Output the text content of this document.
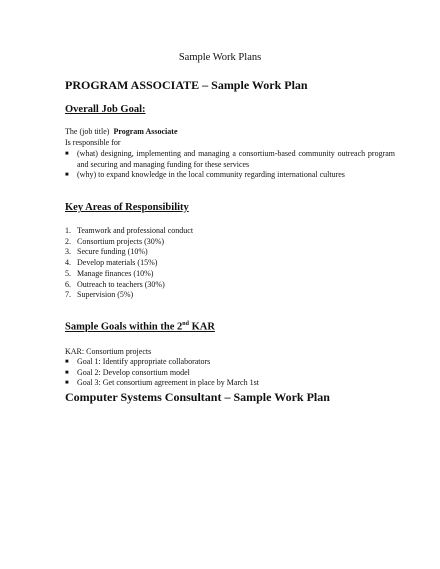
Sample Work Plans
PROGRAM ASSOCIATE – Sample Work Plan
Overall Job Goal:
The (job title) Program Associate
Is responsible for
■ (what) designing, implementing and managing a consortium-based community outreach program and securing and managing funding for these services
■ (why) to expand knowledge in the local community regarding international cultures
Key Areas of Responsibility
1. Teamwork and professional conduct
2. Consortium projects (30%)
3. Secure funding (10%)
4. Develop materials (15%)
5. Manage finances (10%)
6. Outreach to teachers (30%)
7. Supervision (5%)
Sample Goals within the 2nd KAR
KAR: Consortium projects
■ Goal 1: Identify appropriate collaborators
■ Goal 2: Develop consortium model
■ Goal 3: Get consortium agreement in place by March 1st
Computer Systems Consultant – Sample Work Plan
